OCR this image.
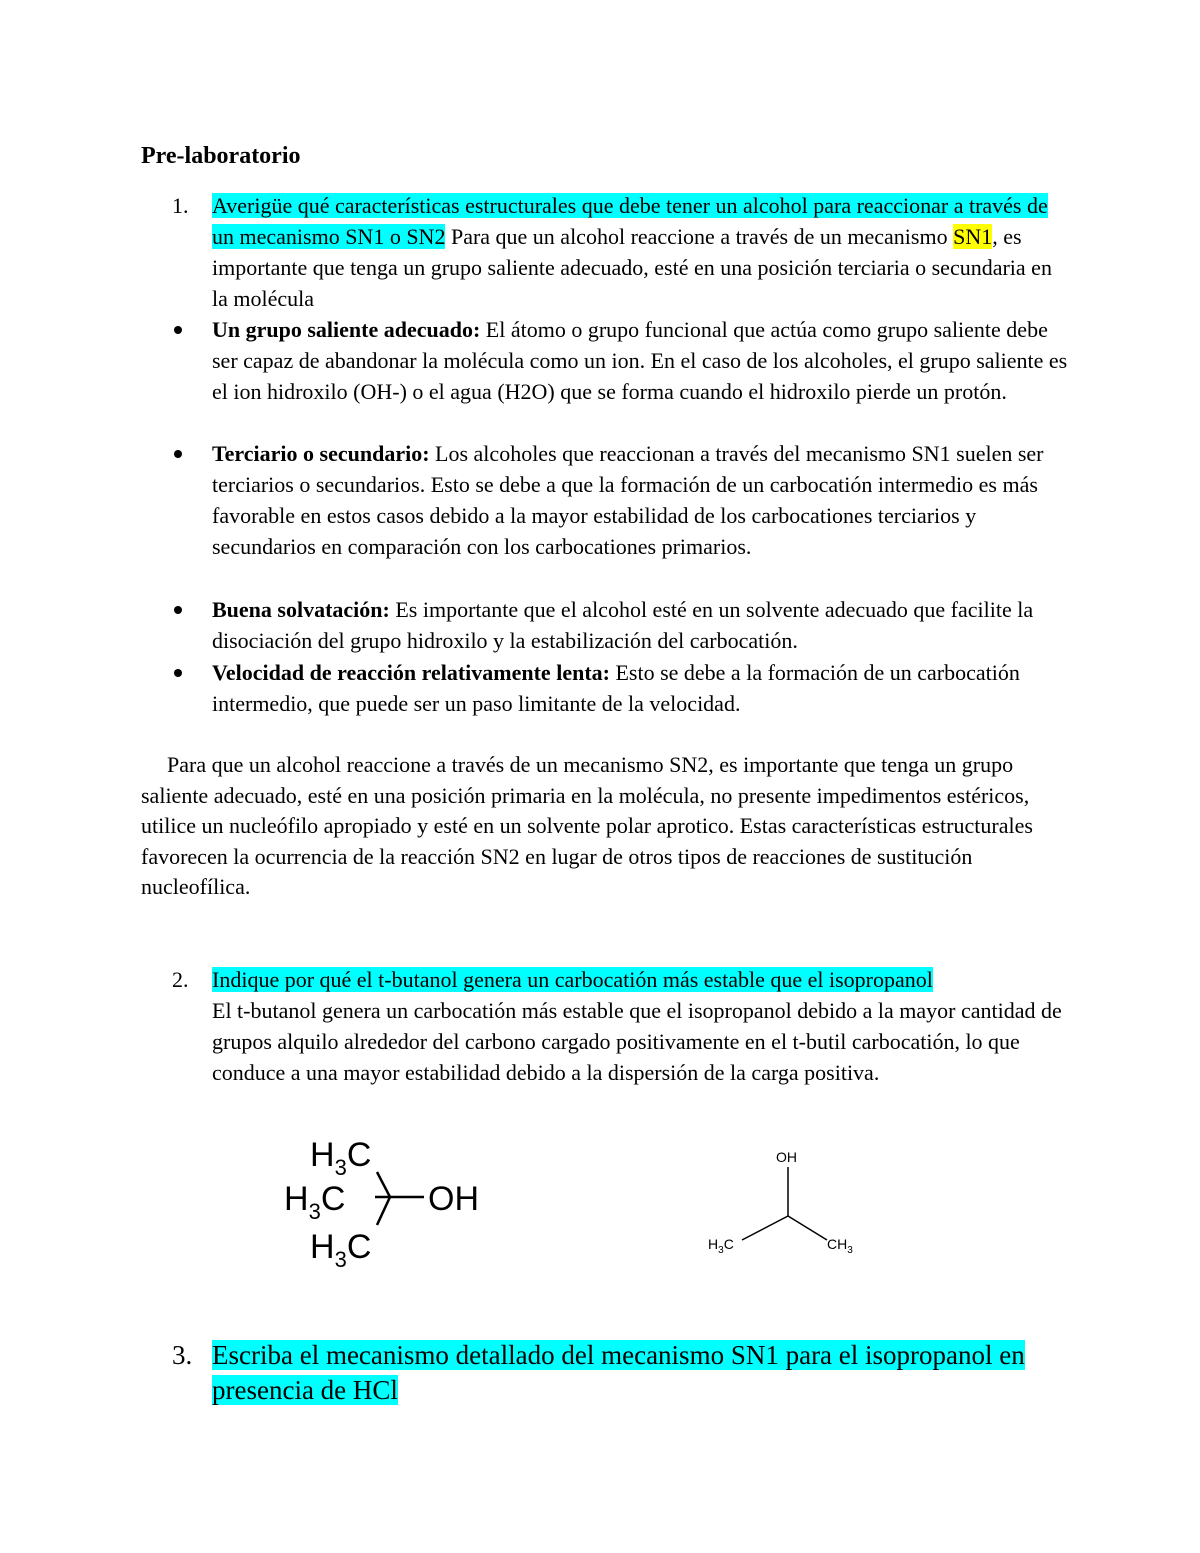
Pre-laboratorio
1. Averigüe qué características estructurales que debe tener un alcohol para reaccionar a través de un mecanismo SN1 o SN2 Para que un alcohol reaccione a través de un mecanismo SN1, es importante que tenga un grupo saliente adecuado, esté en una posición terciaria o secundaria en la molécula
Un grupo saliente adecuado: El átomo o grupo funcional que actúa como grupo saliente debe ser capaz de abandonar la molécula como un ion. En el caso de los alcoholes, el grupo saliente es el ion hidroxilo (OH-) o el agua (H2O) que se forma cuando el hidroxilo pierde un protón.
Terciario o secundario: Los alcoholes que reaccionan a través del mecanismo SN1 suelen ser terciarios o secundarios. Esto se debe a que la formación de un carbocatión intermedio es más favorable en estos casos debido a la mayor estabilidad de los carbocationes terciarios y secundarios en comparación con los carbocationes primarios.
Buena solvatación: Es importante que el alcohol esté en un solvente adecuado que facilite la disociación del grupo hidroxilo y la estabilización del carbocatión.
Velocidad de reacción relativamente lenta: Esto se debe a la formación de un carbocatión intermedio, que puede ser un paso limitante de la velocidad.
Para que un alcohol reaccione a través de un mecanismo SN2, es importante que tenga un grupo saliente adecuado, esté en una posición primaria en la molécula, no presente impedimentos estéricos, utilice un nucleófilo apropiado y esté en un solvente polar aprotico. Estas características estructurales favorecen la ocurrencia de la reacción SN2 en lugar de otros tipos de reacciones de sustitución nucleofílica.
2. Indique por qué el t-butanol genera un carbocatión más estable que el isopropanol
El t-butanol genera un carbocatión más estable que el isopropanol debido a la mayor cantidad de grupos alquilo alrededor del carbono cargado positivamente en el t-butil carbocatión, lo que conduce a una mayor estabilidad debido a la dispersión de la carga positiva.
$H_3C$
$H_3C$
$H_3C$
OH
OH
$H_3C$	$CH_3$
3. Escriba el mecanismo detallado del mecanismo SN1 para el isopropanol en presencia de HCl
